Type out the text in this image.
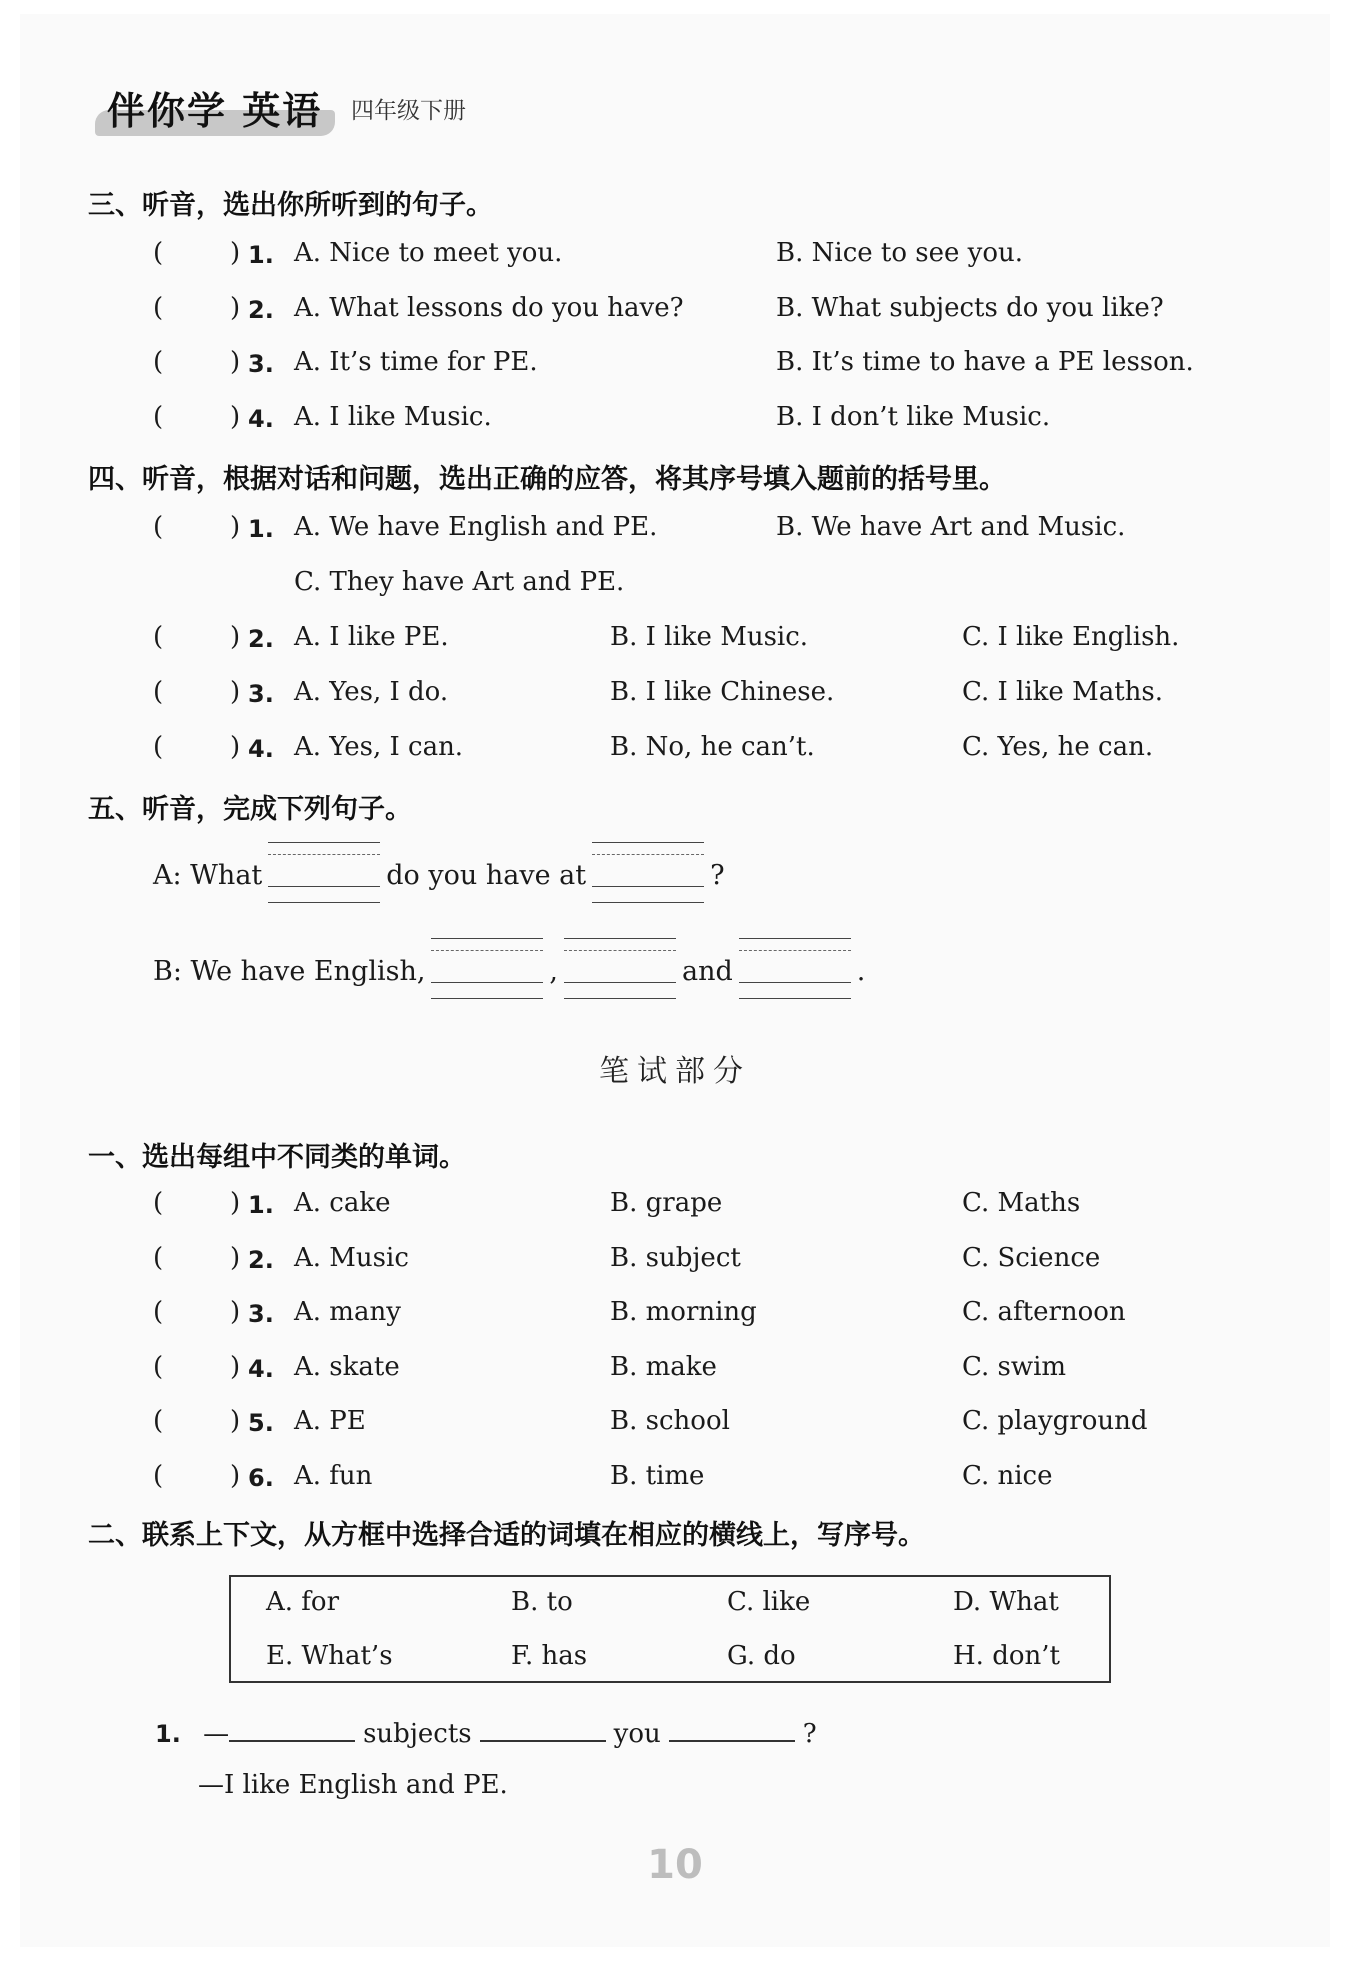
伴你学 英语 四年级下册
三、听音，选出你所听到的句子。
(	) 1. A. Nice to meet you.	B. Nice to see you.
(	) 2. A. What lessons do you have?	B. What subjects do you like?
(	) 3. A. It’s time for PE.	B. It’s time to have a PE lesson.
(	) 4. A. I like Music.	B. I don’t like Music.
四、听音，根据对话和问题，选出正确的应答，将其序号填入题前的括号里。
(	) 1. A. We have English and PE.	B. We have Art and Music.
C. They have Art and PE.
(	) 2. A. I like PE.	B. I like Music.	C. I like English.
(	) 3. A. Yes, I do.	B. I like Chinese.	C. I like Maths.
(	) 4. A. Yes, I can.	B. No, he can’t.	C. Yes, he can.
五、听音，完成下列句子。
A: What	do you have at	?
B: We have English,	,	and	.
笔试部分
一、选出每组中不同类的单词。
(	) 1. A. cake	B. grape	C. Maths
(	) 2. A. Music	B. subject	C. Science
(	) 3. A. many	B. morning	C. afternoon
(	) 4. A. skate	B. make	C. swim
(	) 5. A. PE	B. school	C. playground
(	) 6. A. fun	B. time	C. nice
二、联系上下文，从方框中选择合适的词填在相应的横线上，写序号。
A. for	B. to	C. like	D. What
E. What’s	F. has	G. do	H. don’t
1. —	subjects	you	?
—I like English and PE.
10
